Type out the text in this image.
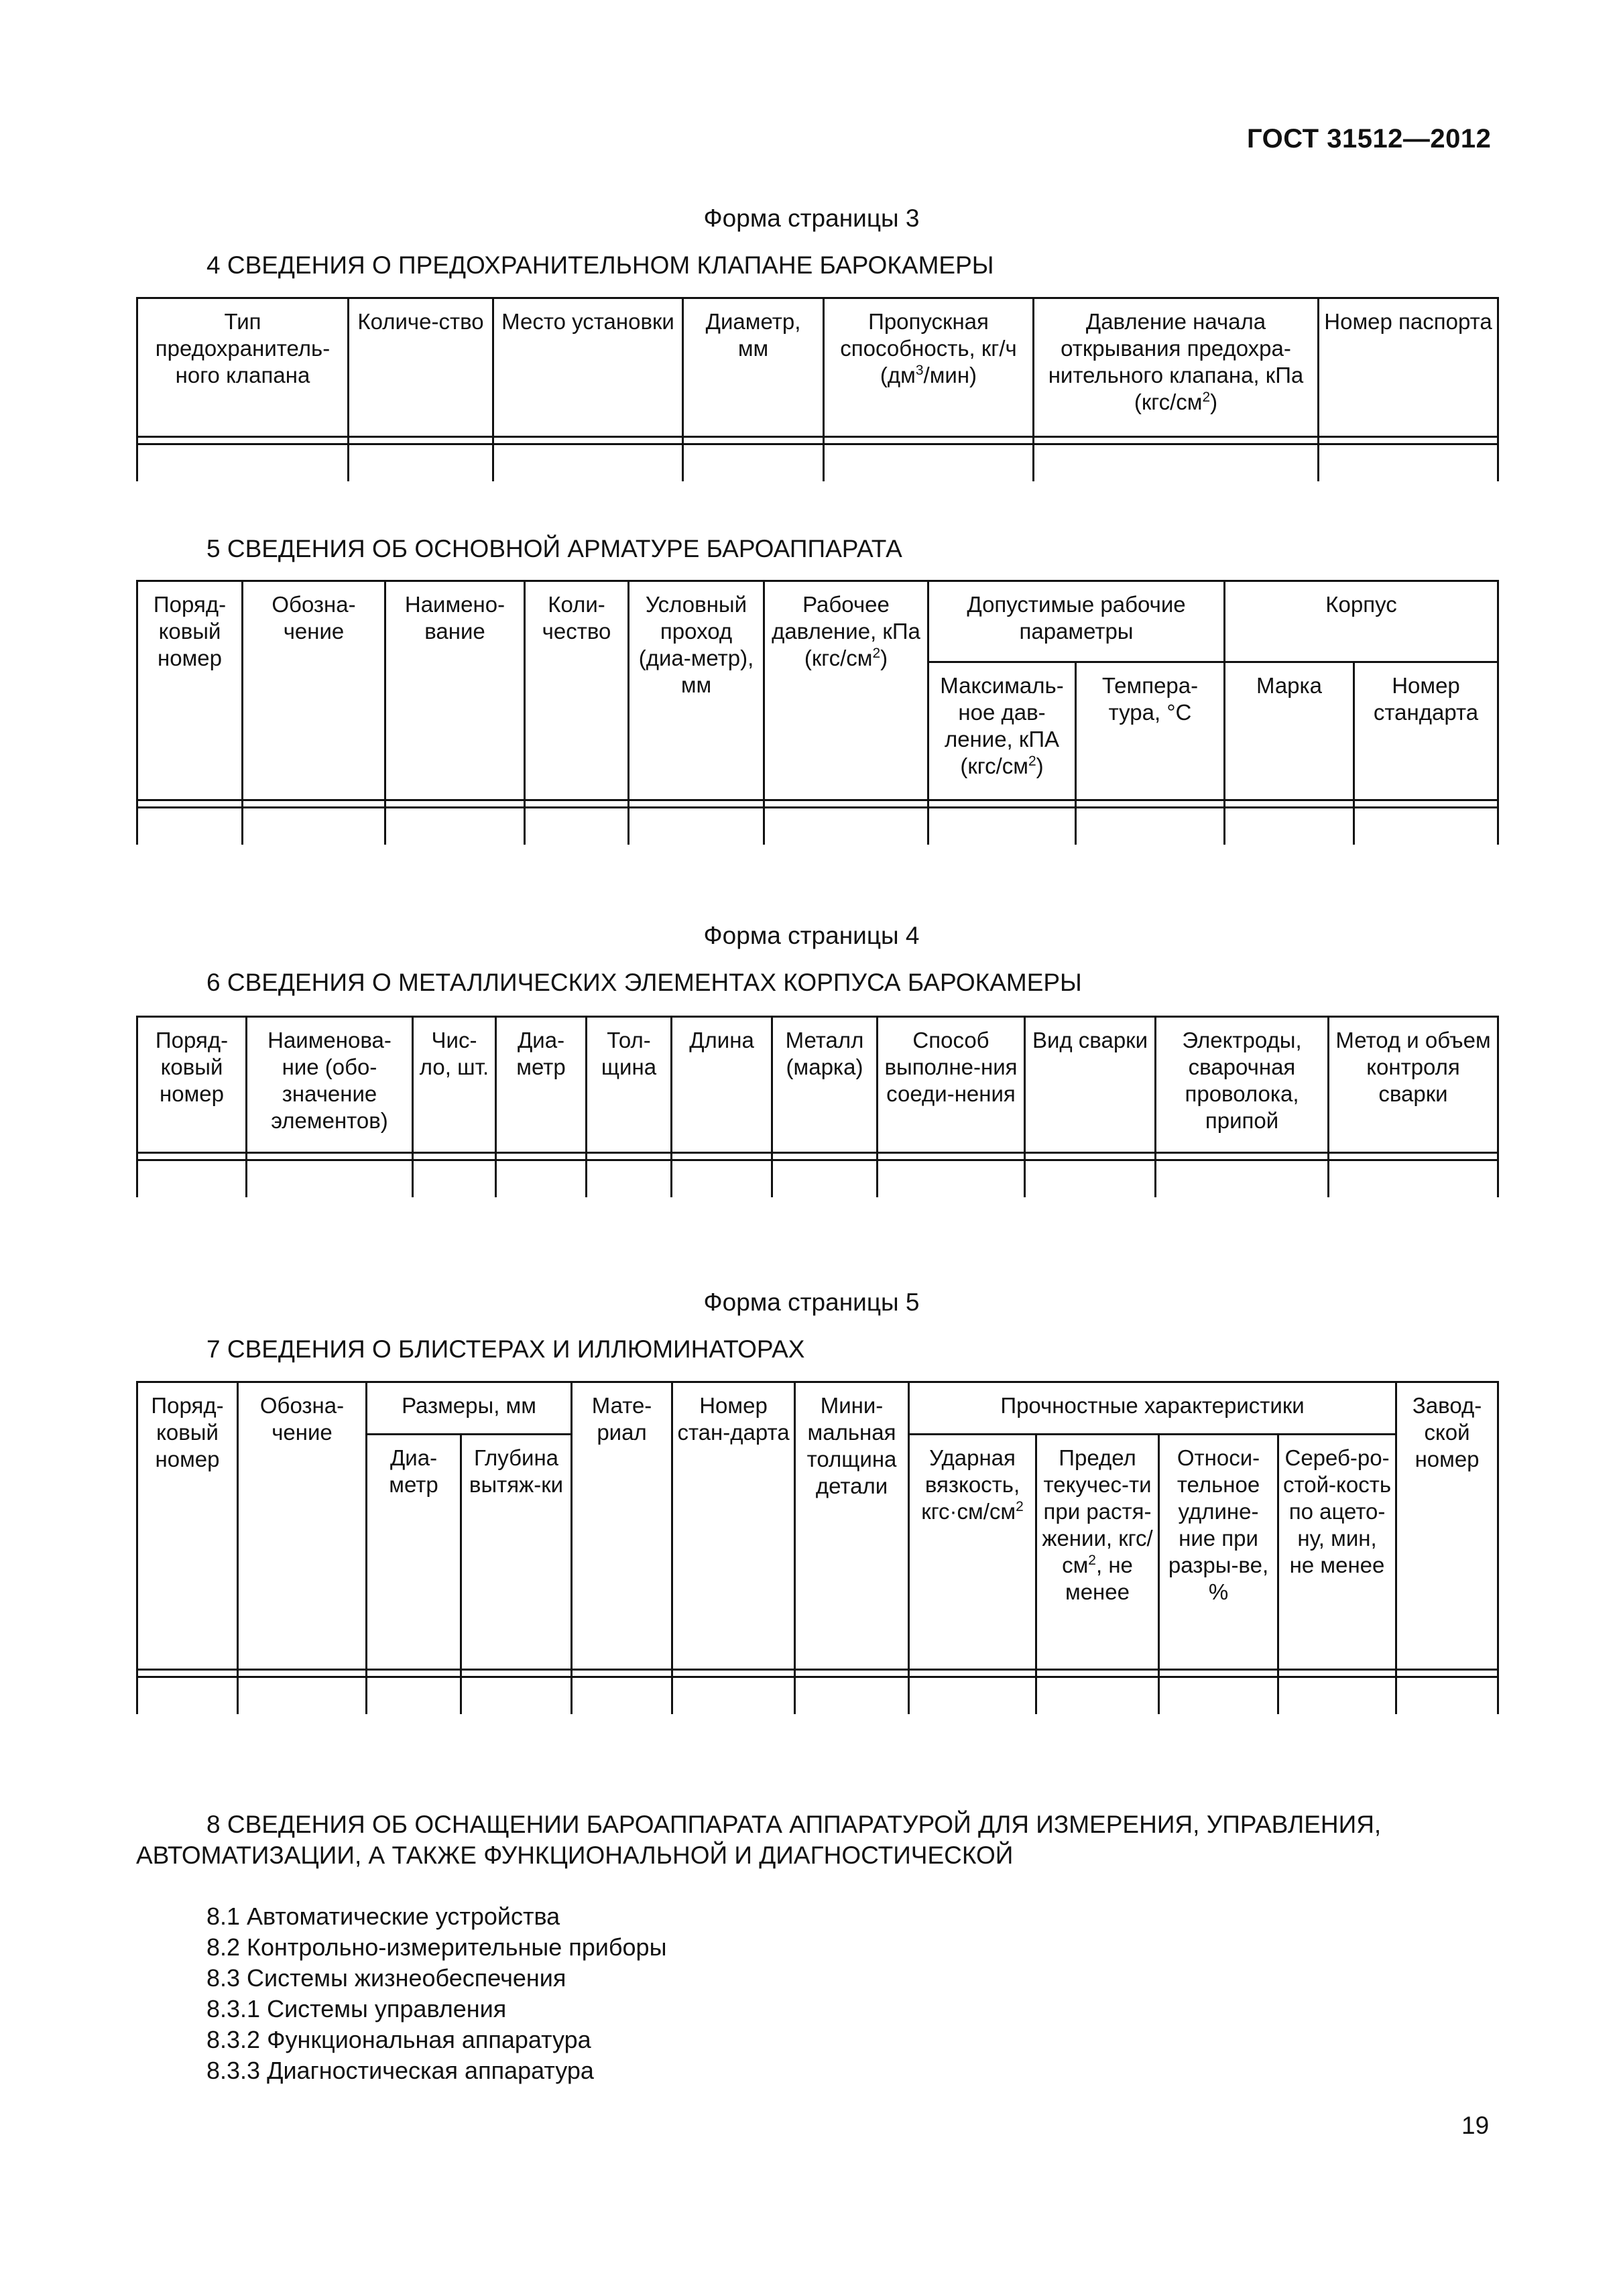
ГОСТ 31512—2012
Форма страницы 3
4 СВЕДЕНИЯ О ПРЕДОХРАНИТЕЛЬНОМ КЛАПАНЕ БАРОКАМЕРЫ
Тип предохранитель-ного клапана	Количе-ство	Место установки	Диаметр, мм	Пропускная способность, кг/ч $(дм^3/мин)$	Давление начала открывания предохра-нительного клапана, кПа $(кгс/см^2)$	Номер паспорта

5 СВЕДЕНИЯ ОБ ОСНОВНОЙ АРМАТУРЕ БАРОАППАРАТА
Поряд-ковый номер	Обозна-чение	Наимено-вание	Коли-чество	Условный проход (диа-метр), мм	Рабочее давление, кПа $(кгс/см^2)$	Допустимые рабочие параметры		Корпус	
						Максималь-ное дав-ление, кПА $(кгс/см^2)$	Темпера-тура, °С	Марка	Номер стандарта

Форма страницы 4
6 СВЕДЕНИЯ О МЕТАЛЛИЧЕСКИХ ЭЛЕМЕНТАХ КОРПУСА БАРОКАМЕРЫ
Поряд-ковый номер	Наименова-ние (обо-значение элементов)	Чис-ло, шт.	Диа-метр	Тол-щина	Длина	Металл (марка)	Способ выполне-ния соеди-нения	Вид сварки	Электроды, сварочная проволока, припой	Метод и объем контроля сварки

Форма страницы 5
7 СВЕДЕНИЯ О БЛИСТЕРАХ И ИЛЛЮМИНАТОРАХ
Поряд-ковый номер	Обозна-чение	Размеры, мм		Мате-риал	Номер стан-дарта	Мини-мальная толщина детали	Прочностные характеристики				Завод-ской номер
		Диа-метр	Глубина вытяж-ки				Ударная вязкость, $кгс\cdot см/см^2$	Предел текучес-ти при растя-жении, кгс/$см^2$, не менее	Относи-тельное удлине-ние при разры-ве, %	Сереб-ро-стой-кость по ацето-ну, мин, не менее	

8 СВЕДЕНИЯ ОБ ОСНАЩЕНИИ БАРОАППАРАТА АППАРАТУРОЙ ДЛЯ ИЗМЕРЕНИЯ, УПРАВЛЕНИЯ,
АВТОМАТИЗАЦИИ, А ТАКЖЕ ФУНКЦИОНАЛЬНОЙ И ДИАГНОСТИЧЕСКОЙ
8.1 Автоматические устройства
8.2 Контрольно-измерительные приборы
8.3 Системы жизнеобеспечения
8.3.1 Системы управления
8.3.2 Функциональная аппаратура
8.3.3 Диагностическая аппаратура
19
